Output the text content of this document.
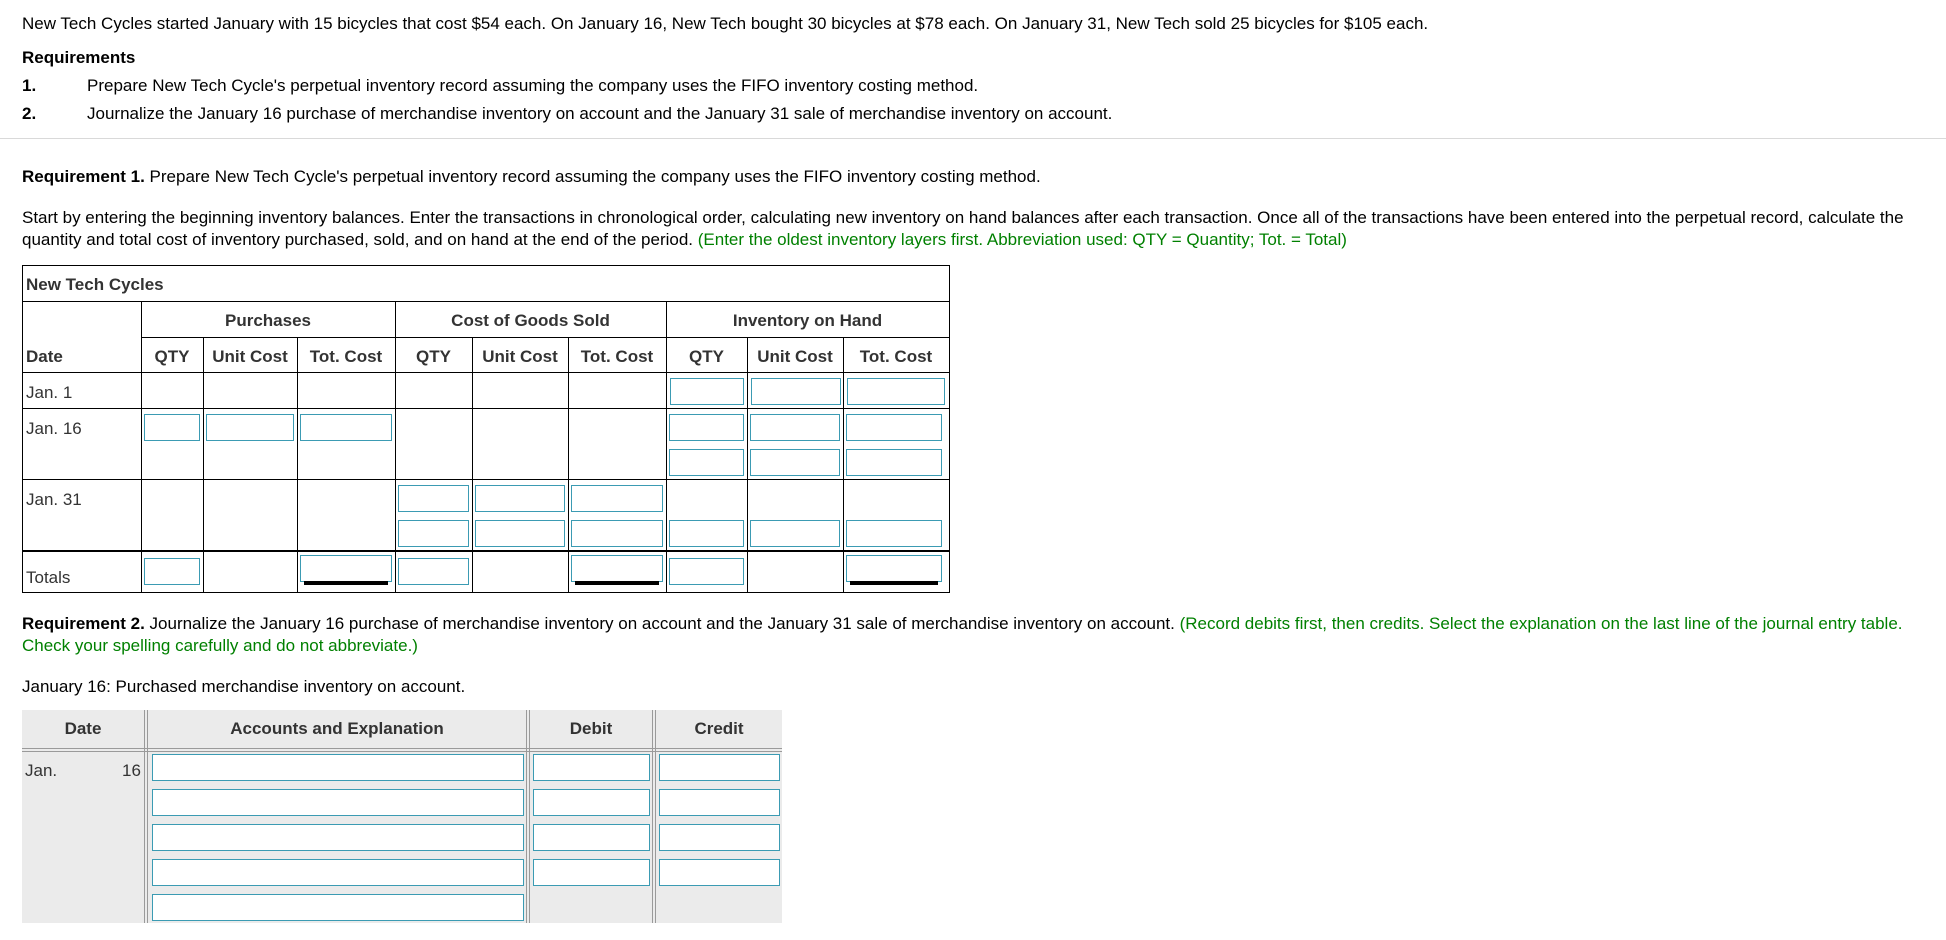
New Tech Cycles started January with 15 bicycles that cost $54 each. On January 16, New Tech bought 30 bicycles at $78 each. On January 31, New Tech sold 25 bicycles for $105 each.
Requirements
1.	Prepare New Tech Cycle's perpetual inventory record assuming the company uses the FIFO inventory costing method.
2.	Journalize the January 16 purchase of merchandise inventory on account and the January 31 sale of merchandise inventory on account.
Requirement 1. Prepare New Tech Cycle's perpetual inventory record assuming the company uses the FIFO inventory costing method.
Start by entering the beginning inventory balances. Enter the transactions in chronological order, calculating new inventory on hand balances after each transaction. Once all of the transactions have been entered into the perpetual record, calculate the quantity and total cost of inventory purchased, sold, and on hand at the end of the period. (Enter the oldest inventory layers first. Abbreviation used: QTY = Quantity; Tot. = Total)
New Tech Cycles
Purchases	Cost of Goods Sold	Inventory on Hand
Date	QTY	Unit Cost	Tot. Cost	QTY	Unit Cost	Tot. Cost	QTY	Unit Cost	Tot. Cost
Jan. 1
Jan. 16
Jan. 31
Totals
Requirement 2. Journalize the January 16 purchase of merchandise inventory on account and the January 31 sale of merchandise inventory on account. (Record debits first, then credits. Select the explanation on the last line of the journal entry table. Check your spelling carefully and do not abbreviate.)
January 16: Purchased merchandise inventory on account.
Date	Accounts and Explanation	Debit	Credit
Jan.	16
